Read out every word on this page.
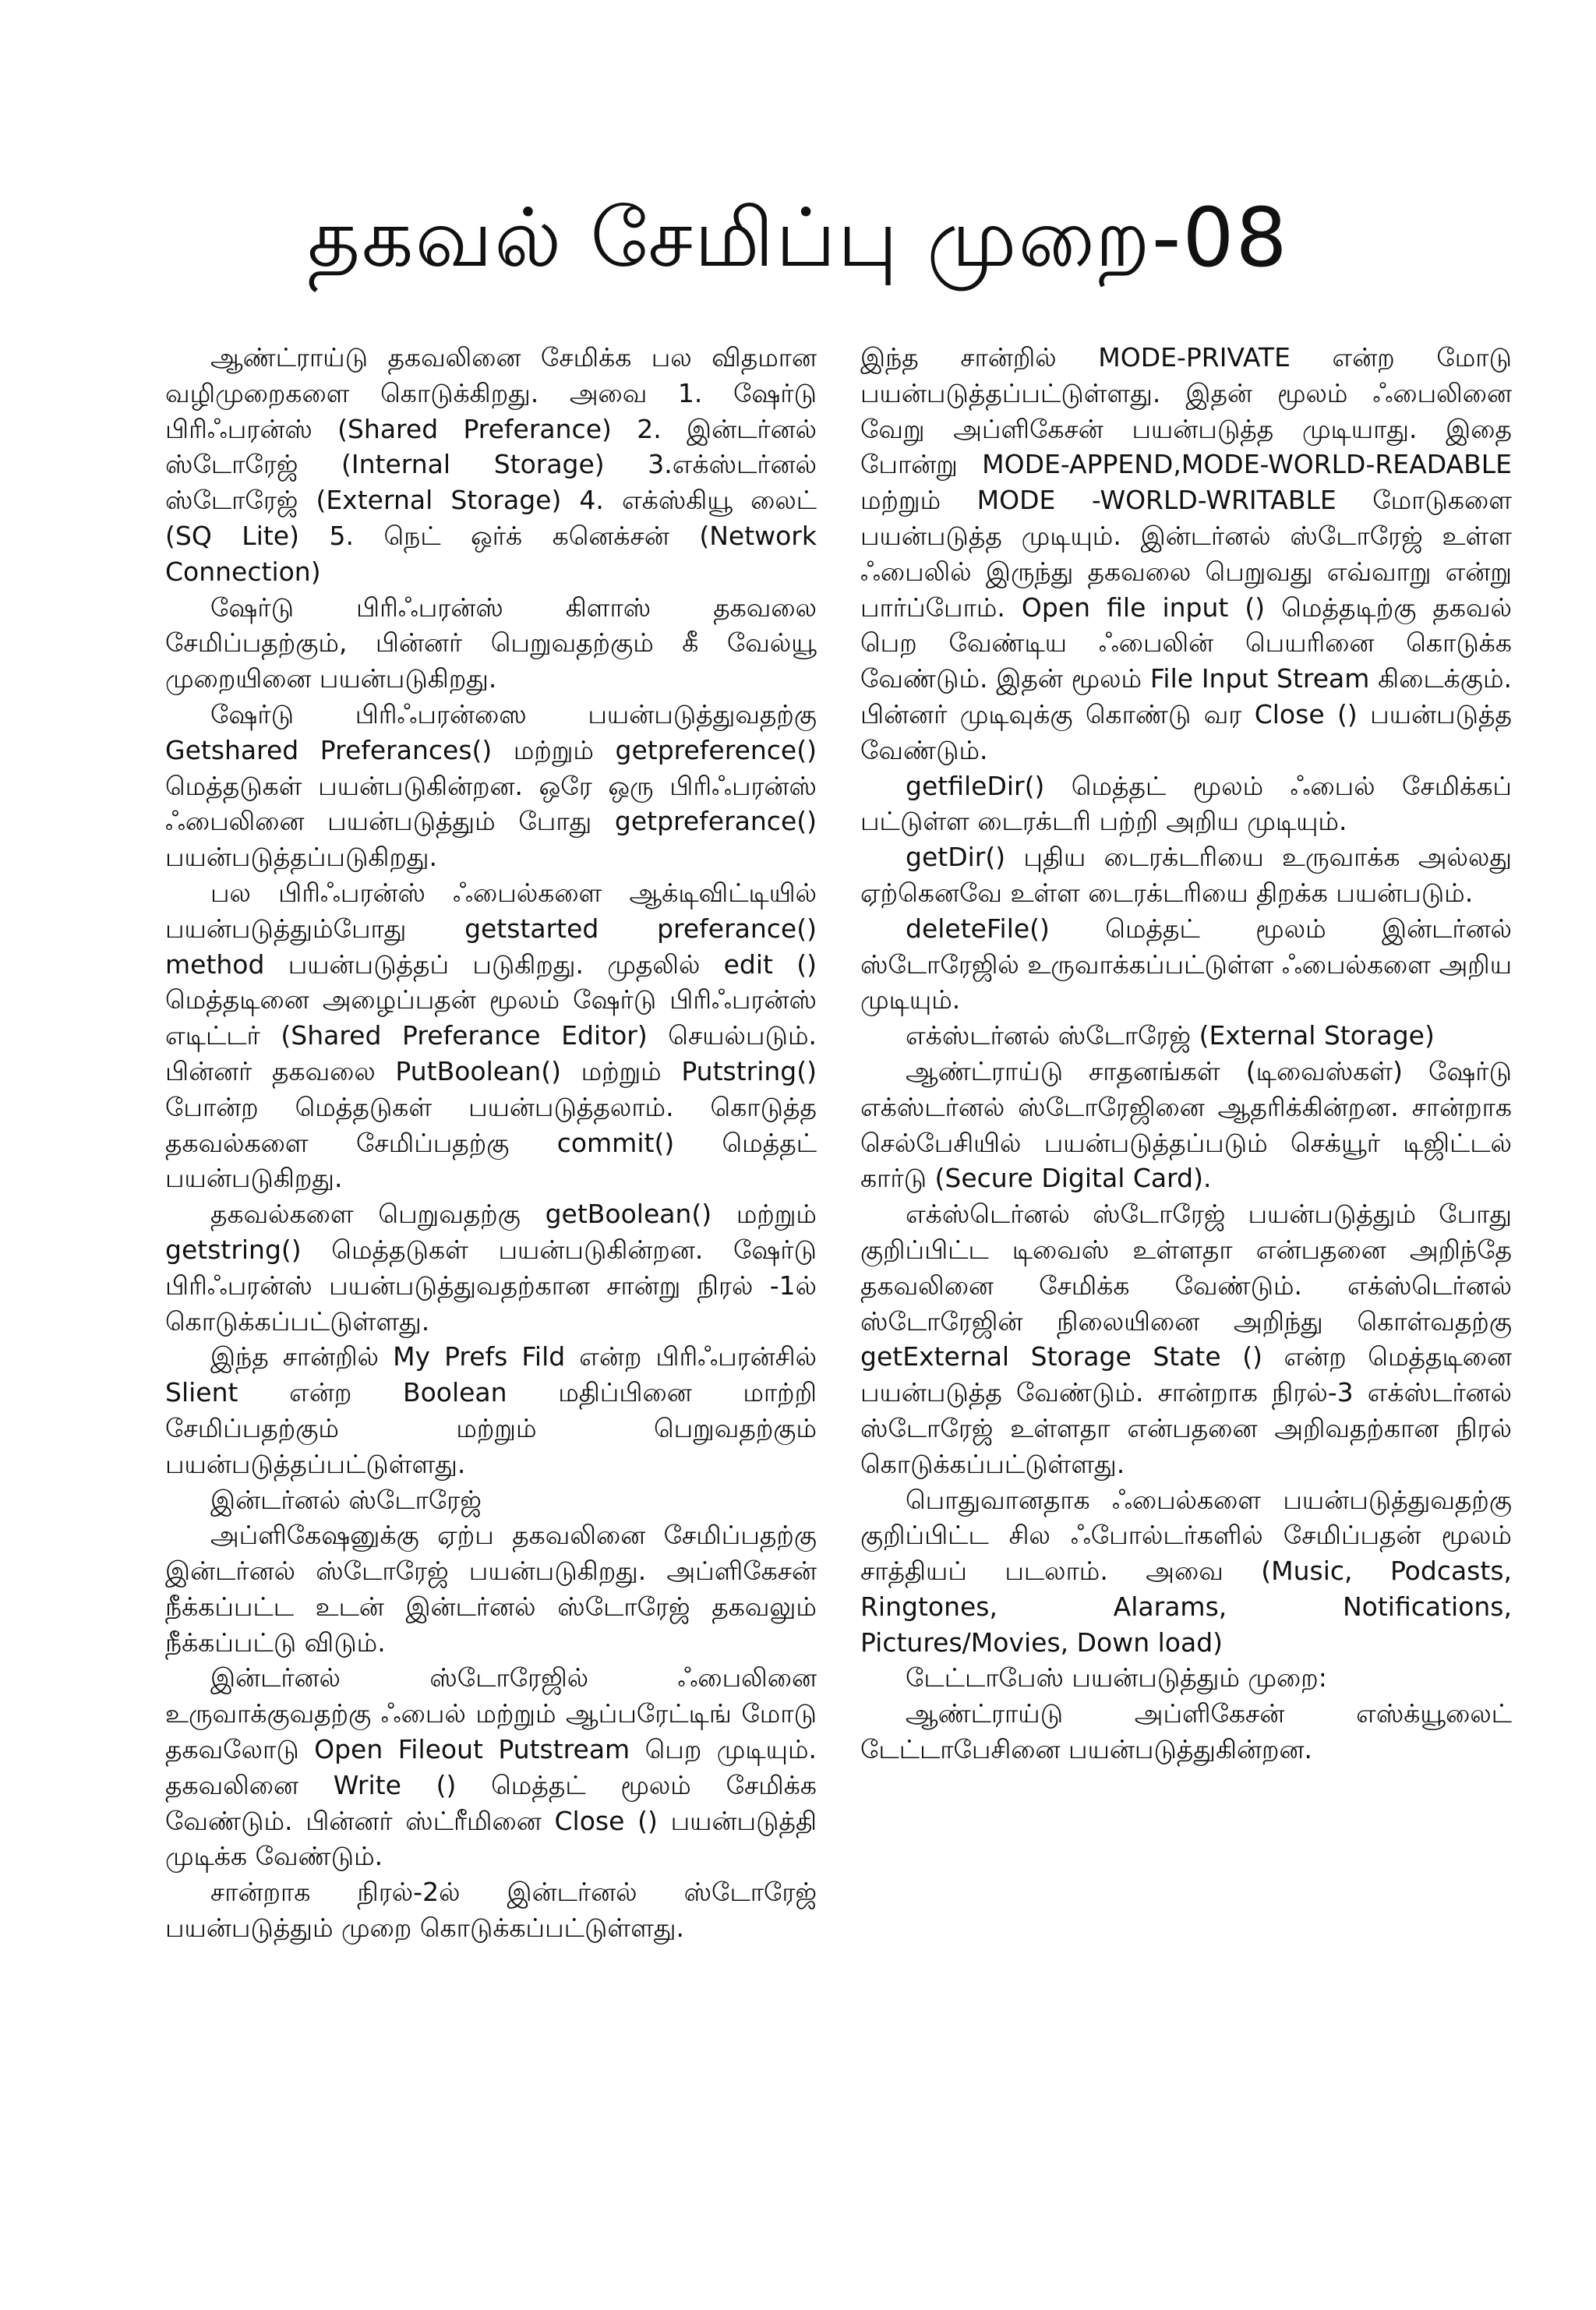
தகவல் சேமிப்பு முறை-08

ஆண்ட்ராய்டு தகவலினை சேமிக்க பல விதமான வழிமுறைகளை கொடுக்கிறது. அவை 1. ஷேர்டு பிரிஃபரன்ஸ் (Shared Preferance) 2. இன்டர்னல் ஸ்டோரேஜ் (Internal Storage) 3.எக்ஸ்டர்னல் ஸ்டோரேஜ் (External Storage) 4. எக்ஸ்கியூ லைட் (SQ Lite) 5. நெட் ஒர்க் கனெக்சன் (Network Connection)

ஷேர்டு பிரிஃபரன்ஸ் கிளாஸ் தகவலை சேமிப்பதற்கும், பின்னர் பெறுவதற்கும் கீ வேல்யூ முறையினை பயன்படுகிறது.

ஷேர்டு பிரிஃபரன்ஸை பயன்படுத்துவதற்கு Getshared Preferances() மற்றும் getpreference() மெத்தடுகள் பயன்படுகின்றன. ஒரே ஒரு பிரிஃபரன்ஸ் ஃபைலினை பயன்படுத்தும் போது getpreferance() பயன்படுத்தப்படுகிறது.

பல பிரிஃபரன்ஸ் ஃபைல்களை ஆக்டிவிட்டியில் பயன்படுத்தும்போது getstarted preferance() method பயன்படுத்தப் படுகிறது. முதலில் edit () மெத்தடினை அழைப்பதன் மூலம் ஷேர்டு பிரிஃபரன்ஸ் எடிட்டர் (Shared Preferance Editor) செயல்படும். பின்னர் தகவலை PutBoolean() மற்றும் Putstring() போன்ற மெத்தடுகள் பயன்படுத்தலாம். கொடுத்த தகவல்களை சேமிப்பதற்கு commit() மெத்தட் பயன்படுகிறது.

தகவல்களை பெறுவதற்கு getBoolean() மற்றும் getstring() மெத்தடுகள் பயன்படுகின்றன. ஷேர்டு பிரிஃபரன்ஸ் பயன்படுத்துவதற்கான சான்று நிரல் -1ல் கொடுக்கப்பட்டுள்ளது.

இந்த சான்றில் My Prefs Fild என்ற பிரிஃபரன்சில் Slient என்ற Boolean மதிப்பினை மாற்றி சேமிப்பதற்கும் மற்றும் பெறுவதற்கும் பயன்படுத்தப்பட்டுள்ளது.

இன்டர்னல் ஸ்டோரேஜ்

அப்ளிகேஷனுக்கு ஏற்ப தகவலினை சேமிப்பதற்கு இன்டர்னல் ஸ்டோரேஜ் பயன்படுகிறது. அப்ளிகேசன் நீக்கப்பட்ட உடன் இன்டர்னல் ஸ்டோரேஜ் தகவலும் நீக்கப்பட்டு விடும்.

இன்டர்னல் ஸ்டோரேஜில் ஃபைலினை உருவாக்குவதற்கு ஃபைல் மற்றும் ஆப்பரேட்டிங் மோடு தகவலோடு Open Fileout Putstream பெற முடியும். தகவலினை Write () மெத்தட் மூலம் சேமிக்க வேண்டும். பின்னர் ஸ்ட்ரீமினை Close () பயன்படுத்தி முடிக்க வேண்டும்.

சான்றாக நிரல்-2ல் இன்டர்னல் ஸ்டோரேஜ் பயன்படுத்தும் முறை கொடுக்கப்பட்டுள்ளது.

இந்த சான்றில் MODE-PRIVATE என்ற மோடு பயன்படுத்தப்பட்டுள்ளது. இதன் மூலம் ஃபைலினை வேறு அப்ளிகேசன் பயன்படுத்த முடியாது. இதை போன்று MODE-APPEND,MODE-WORLD-READABLE மற்றும் MODE -WORLD-WRITABLE மோடுகளை பயன்படுத்த முடியும். இன்டர்னல் ஸ்டோரேஜ் உள்ள ஃபைலில் இருந்து தகவலை பெறுவது எவ்வாறு என்று பார்ப்போம். Open file input () மெத்தடிற்கு தகவல் பெற வேண்டிய ஃபைலின் பெயரினை கொடுக்க வேண்டும். இதன் மூலம் File Input Stream கிடைக்கும். பின்னர் முடிவுக்கு கொண்டு வர Close () பயன்படுத்த வேண்டும்.

getfileDir() மெத்தட் மூலம் ஃபைல் சேமிக்கப் பட்டுள்ள டைரக்டரி பற்றி அறிய முடியும்.

getDir() புதிய டைரக்டரியை உருவாக்க அல்லது ஏற்கெனவே உள்ள டைரக்டரியை திறக்க பயன்படும்.

deleteFile() மெத்தட் மூலம் இன்டர்னல் ஸ்டோரேஜில் உருவாக்கப்பட்டுள்ள ஃபைல்களை அறிய முடியும்.

எக்ஸ்டர்னல் ஸ்டோரேஜ் (External Storage)

ஆண்ட்ராய்டு சாதனங்கள் (டிவைஸ்கள்) ஷேர்டு எக்ஸ்டர்னல் ஸ்டோரேஜினை ஆதரிக்கின்றன. சான்றாக செல்பேசியில் பயன்படுத்தப்படும் செக்யூர் டிஜிட்டல் கார்டு (Secure Digital Card).

எக்ஸ்டெர்னல் ஸ்டோரேஜ் பயன்படுத்தும் போது குறிப்பிட்ட டிவைஸ் உள்ளதா என்பதனை அறிந்தே தகவலினை சேமிக்க வேண்டும். எக்ஸ்டெர்னல் ஸ்டோரேஜின் நிலையினை அறிந்து கொள்வதற்கு getExternal Storage State () என்ற மெத்தடினை பயன்படுத்த வேண்டும். சான்றாக நிரல்-3 எக்ஸ்டர்னல் ஸ்டோரேஜ் உள்ளதா என்பதனை அறிவதற்கான நிரல் கொடுக்கப்பட்டுள்ளது.

பொதுவானதாக ஃபைல்களை பயன்படுத்துவதற்கு குறிப்பிட்ட சில ஃபோல்டர்களில் சேமிப்பதன் மூலம் சாத்தியப் படலாம். அவை (Music, Podcasts, Ringtones, Alarams, Notifications, Pictures/Movies, Down load)

டேட்டாபேஸ் பயன்படுத்தும் முறை:

ஆண்ட்ராய்டு அப்ளிகேசன் எஸ்க்யூலைட் டேட்டாபேசினை பயன்படுத்துகின்றன.
